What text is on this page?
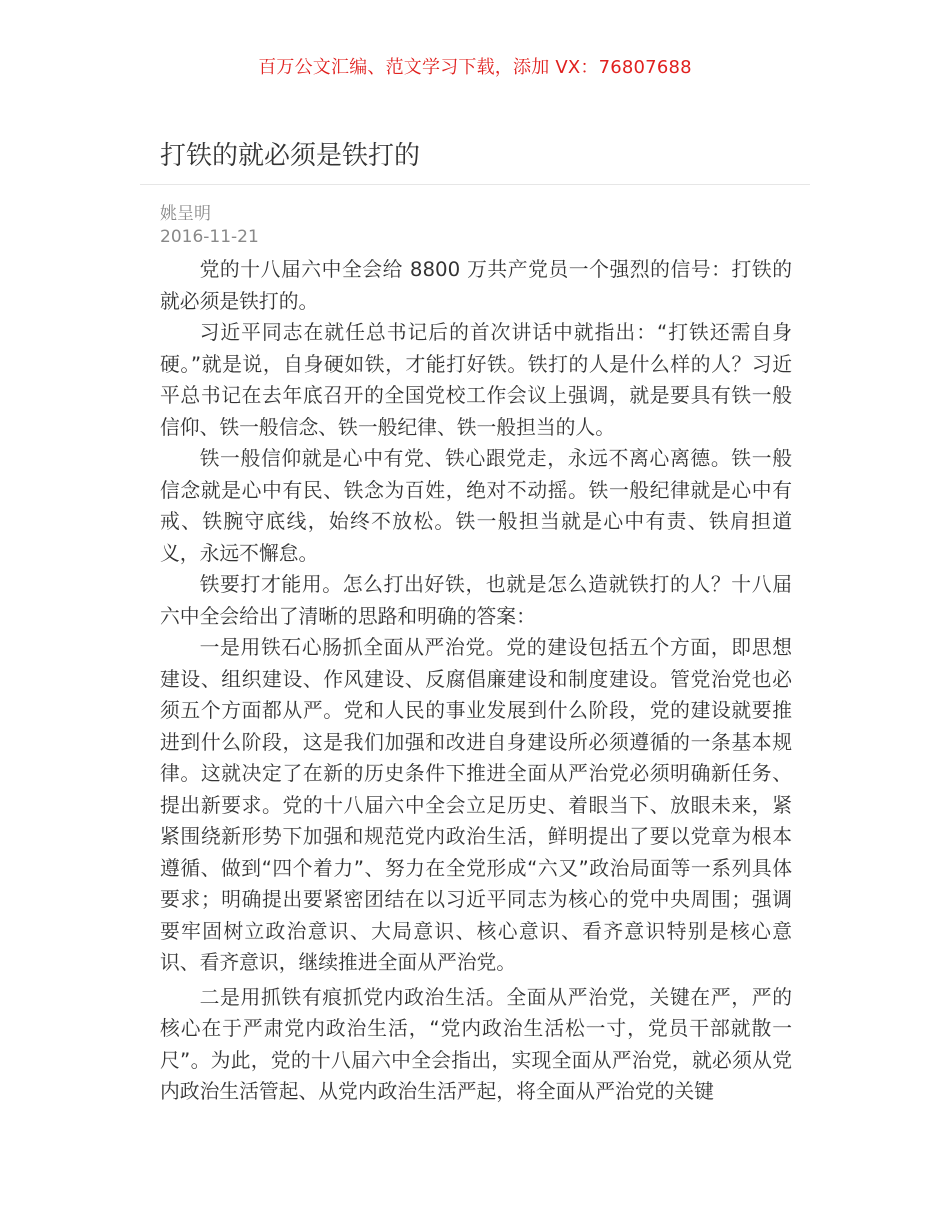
百万公文汇编、范文学习下载，添加 VX：76807688
打铁的就必须是铁打的
姚呈明
2016-11-21

党的十八届六中全会给 8800 万共产党员一个强烈的信号：打铁的就必须是铁打的。

习近平同志在就任总书记后的首次讲话中就指出：“打铁还需自身硬。”就是说，自身硬如铁，才能打好铁。铁打的人是什么样的人？习近平总书记在去年底召开的全国党校工作会议上强调，就是要具有铁一般信仰、铁一般信念、铁一般纪律、铁一般担当的人。

铁一般信仰就是心中有党、铁心跟党走，永远不离心离德。铁一般信念就是心中有民、铁念为百姓，绝对不动摇。铁一般纪律就是心中有戒、铁腕守底线，始终不放松。铁一般担当就是心中有责、铁肩担道义，永远不懈怠。

铁要打才能用。怎么打出好铁，也就是怎么造就铁打的人？十八届六中全会给出了清晰的思路和明确的答案：

一是用铁石心肠抓全面从严治党。党的建设包括五个方面，即思想建设、组织建设、作风建设、反腐倡廉建设和制度建设。管党治党也必须五个方面都从严。党和人民的事业发展到什么阶段，党的建设就要推进到什么阶段，这是我们加强和改进自身建设所必须遵循的一条基本规律。这就决定了在新的历史条件下推进全面从严治党必须明确新任务、提出新要求。党的十八届六中全会立足历史、着眼当下、放眼未来，紧紧围绕新形势下加强和规范党内政治生活，鲜明提出了要以党章为根本遵循、做到“四个着力”、努力在全党形成“六又”政治局面等一系列具体要求；明确提出要紧密团结在以习近平同志为核心的党中央周围；强调要牢固树立政治意识、大局意识、核心意识、看齐意识特别是核心意识、看齐意识，继续推进全面从严治党。

二是用抓铁有痕抓党内政治生活。全面从严治党，关键在严，严的核心在于严肃党内政治生活，“党内政治生活松一寸，党员干部就散一尺”。为此，党的十八届六中全会指出，实现全面从严治党，就必须从党内政治生活管起、从党内政治生活严起，将全面从严治党的关键
